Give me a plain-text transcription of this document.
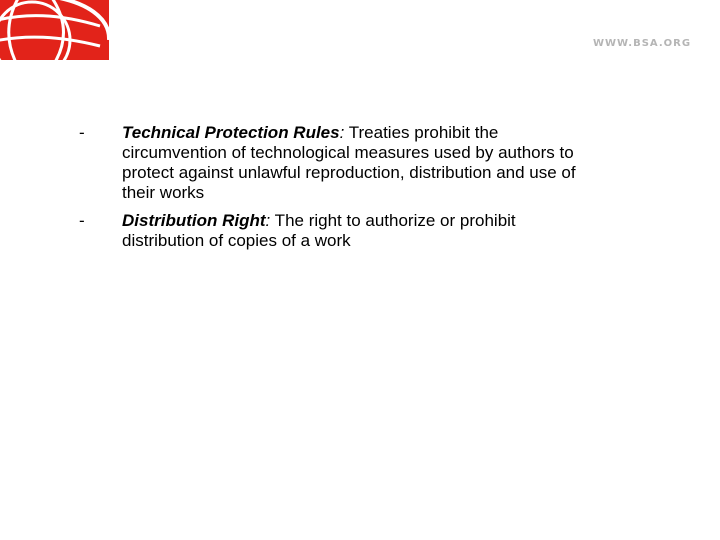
WWW.BSA.ORG
- Technical Protection Rules: Treaties prohibit the circumvention of technological measures used by authors to protect against unlawful reproduction, distribution and use of their works
- Distribution Right: The right to authorize or prohibit distribution of copies of a work
